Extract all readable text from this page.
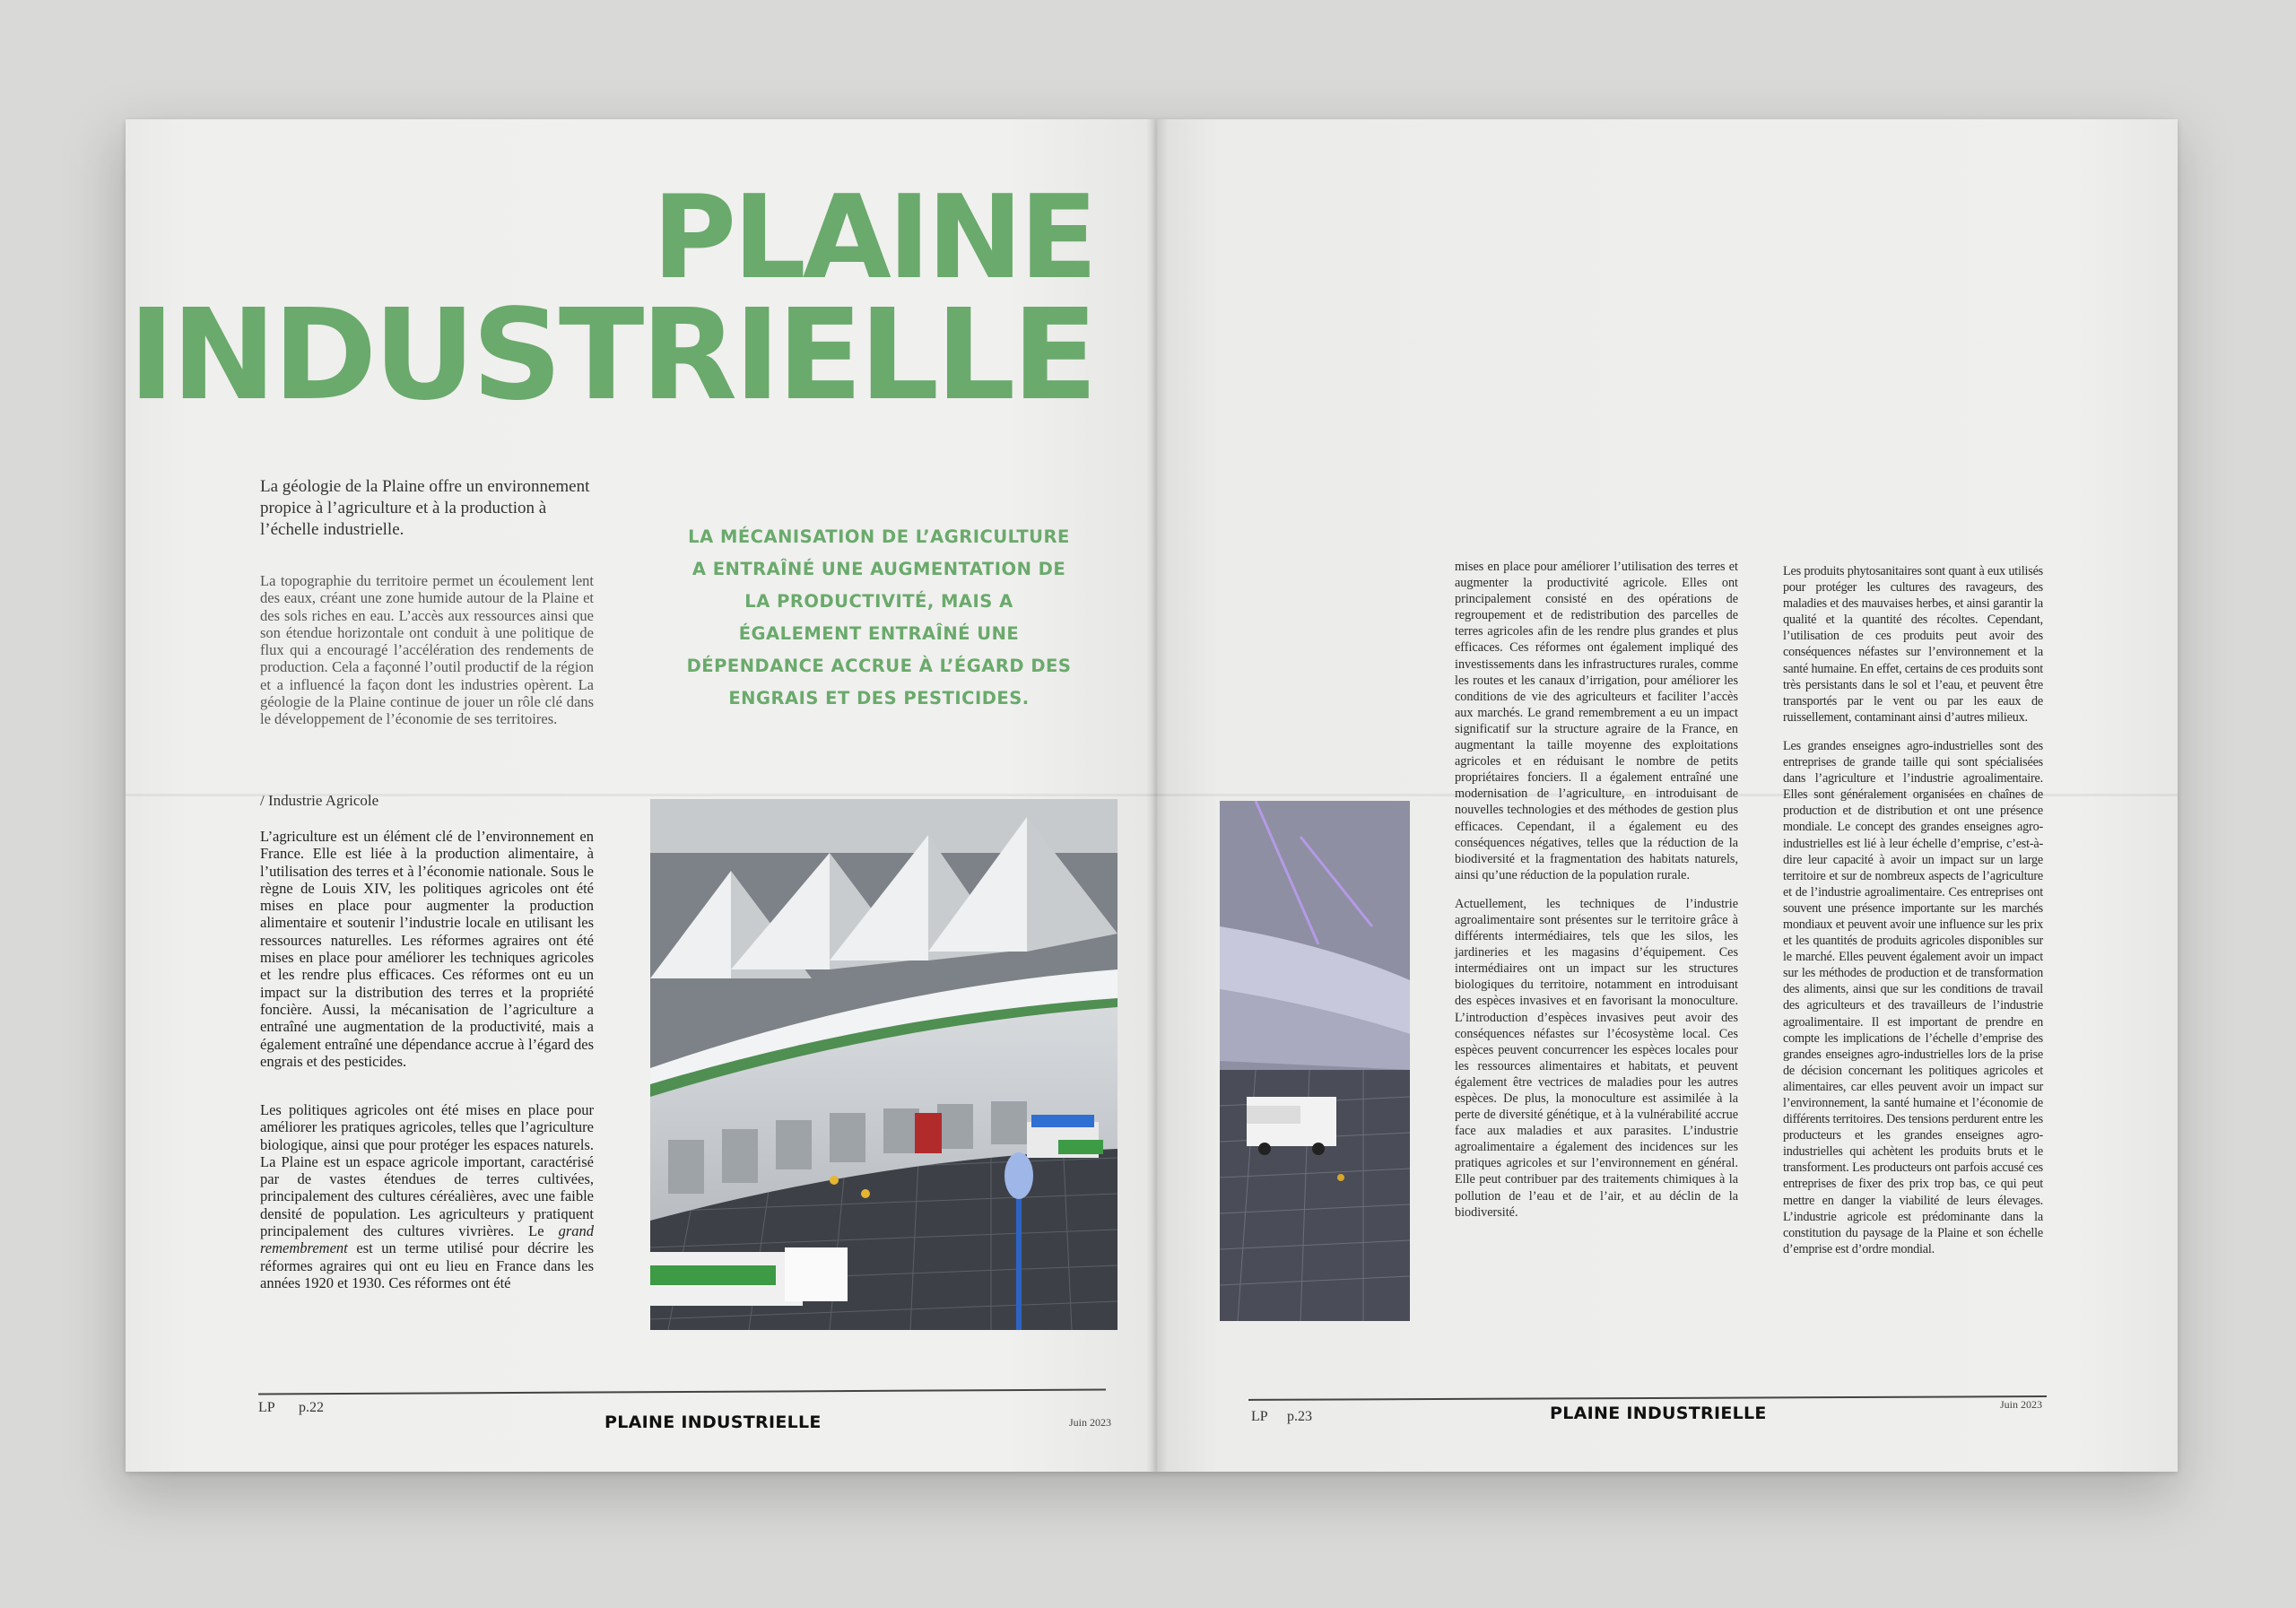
PLAINE
INDUSTRIELLE
La géologie de la Plaine offre un environnement propice à l’agriculture et à la production à l’échelle industrielle.
La topographie du territoire permet un écoulement lent des eaux, créant une zone humide autour de la Plaine et des sols riches en eau. L’accès aux ressources ainsi que son étendue horizontale ont conduit à une politique de flux qui a encouragé l’accélération des rendements de production. Cela a façonné l’outil productif de la région et a influencé la façon dont les industries opèrent. La géologie de la Plaine continue de jouer un rôle clé dans le développement de l’économie de ses territoires.
/ Industrie Agricole
L’agriculture est un élément clé de l’environnement en France. Elle est liée à la production alimentaire, à l’utilisation des terres et à l’économie nationale. Sous le règne de Louis XIV, les politiques agricoles ont été mises en place pour augmenter la production alimentaire et soutenir l’industrie locale en utilisant les ressources naturelles. Les réformes agraires ont été mises en place pour améliorer les techniques agricoles et les rendre plus efficaces. Ces réformes ont eu un impact sur la distribution des terres et la propriété foncière. Aussi, la mécanisation de l’agriculture a entraîné une augmentation de la productivité, mais a également entraîné une dépendance accrue à l’égard des engrais et des pesticides.
Les politiques agricoles ont été mises en place pour améliorer les pratiques agricoles, telles que l’agriculture biologique, ainsi que pour protéger les espaces naturels. La Plaine est un espace agricole important, caractérisé par de vastes étendues de terres cultivées, principalement des cultures céréalières, avec une faible densité de population. Les agriculteurs y pratiquent principalement des cultures vivrières. Le grand remembrement est un terme utilisé pour décrire les réformes agraires qui ont eu lieu en France dans les années 1920 et 1930. Ces réformes ont été
LA MÉCANISATION DE L’AGRICULTURE A ENTRAÎNÉ UNE AUGMENTATION DE LA PRODUCTIVITÉ, MAIS A ÉGALEMENT ENTRAÎNÉ UNE DÉPENDANCE ACCRUE À L’ÉGARD DES ENGRAIS ET DES PESTICIDES.
LP p.22
PLAINE INDUSTRIELLE	Juin 2023

mises en place pour améliorer l’utilisation des terres et augmenter la productivité agricole. Elles ont principalement consisté en des opérations de regroupement et de redistribution des parcelles de terres agricoles afin de les rendre plus grandes et plus efficaces. Ces réformes ont également impliqué des investissements dans les infrastructures rurales, comme les routes et les canaux d’irrigation, pour améliorer les conditions de vie des agriculteurs et faciliter l’accès aux marchés. Le grand remembrement a eu un impact significatif sur la structure agraire de la France, en augmentant la taille moyenne des exploitations agricoles et en réduisant le nombre de petits propriétaires fonciers. Il a également entraîné une modernisation de l’agriculture, en introduisant de nouvelles technologies et des méthodes de gestion plus efficaces. Cependant, il a également eu des conséquences négatives, telles que la réduction de la biodiversité et la fragmentation des habitats naturels, ainsi qu’une réduction de la population rurale.

Actuellement, les techniques de l’industrie agroalimentaire sont présentes sur le territoire grâce à différents intermédiaires, tels que les silos, les jardineries et les magasins d’équipement. Ces intermédiaires ont un impact sur les structures biologiques du territoire, notamment en introduisant des espèces invasives et en favorisant la monoculture. L’introduction d’espèces invasives peut avoir des conséquences néfastes sur l’écosystème local. Ces espèces peuvent concurrencer les espèces locales pour les ressources alimentaires et habitats, et peuvent également être vectrices de maladies pour les autres espèces. De plus, la monoculture est assimilée à la perte de diversité génétique, et à la vulnérabilité accrue face aux maladies et aux parasites. L’industrie agroalimentaire a également des incidences sur les pratiques agricoles et sur l’environnement en général. Elle peut contribuer par des traitements chimiques à la pollution de l’eau et de l’air, et au déclin de la biodiversité.

Les produits phytosanitaires sont quant à eux utilisés pour protéger les cultures des ravageurs, des maladies et des mauvaises herbes, et ainsi garantir la qualité et la quantité des récoltes. Cependant, l’utilisation de ces produits peut avoir des conséquences néfastes sur l’environnement et la santé humaine. En effet, certains de ces produits sont très persistants dans le sol et l’eau, et peuvent être transportés par le vent ou par les eaux de ruissellement, contaminant ainsi d’autres milieux.

Les grandes enseignes agro-industrielles sont des entreprises de grande taille qui sont spécialisées dans l’agriculture et l’industrie agroalimentaire. Elles sont généralement organisées en chaînes de production et de distribution et ont une présence mondiale. Le concept des grandes enseignes agro-industrielles est lié à leur échelle d’emprise, c’est-à-dire leur capacité à avoir un impact sur un large territoire et sur de nombreux aspects de l’agriculture et de l’industrie agroalimentaire. Ces entreprises ont souvent une présence importante sur les marchés mondiaux et peuvent avoir une influence sur les prix et les quantités de produits agricoles disponibles sur le marché. Elles peuvent également avoir un impact sur les méthodes de production et de transformation des aliments, ainsi que sur les conditions de travail des agriculteurs et des travailleurs de l’industrie agroalimentaire. Il est important de prendre en compte les implications de l’échelle d’emprise des grandes enseignes agro-industrielles lors de la prise de décision concernant les politiques agricoles et alimentaires, car elles peuvent avoir un impact sur l’environnement, la santé humaine et l’économie de différents territoires. Des tensions perdurent entre les producteurs et les grandes enseignes agro-industrielles qui achètent les produits bruts et le transforment. Les producteurs ont parfois accusé ces entreprises de fixer des prix trop bas, ce qui peut mettre en danger la viabilité de leurs élevages. L’industrie agricole est prédominante dans la constitution du paysage de la Plaine et son échelle d’emprise est d’ordre mondial.

LP p.23	PLAINE INDUSTRIELLE	Juin 2023
